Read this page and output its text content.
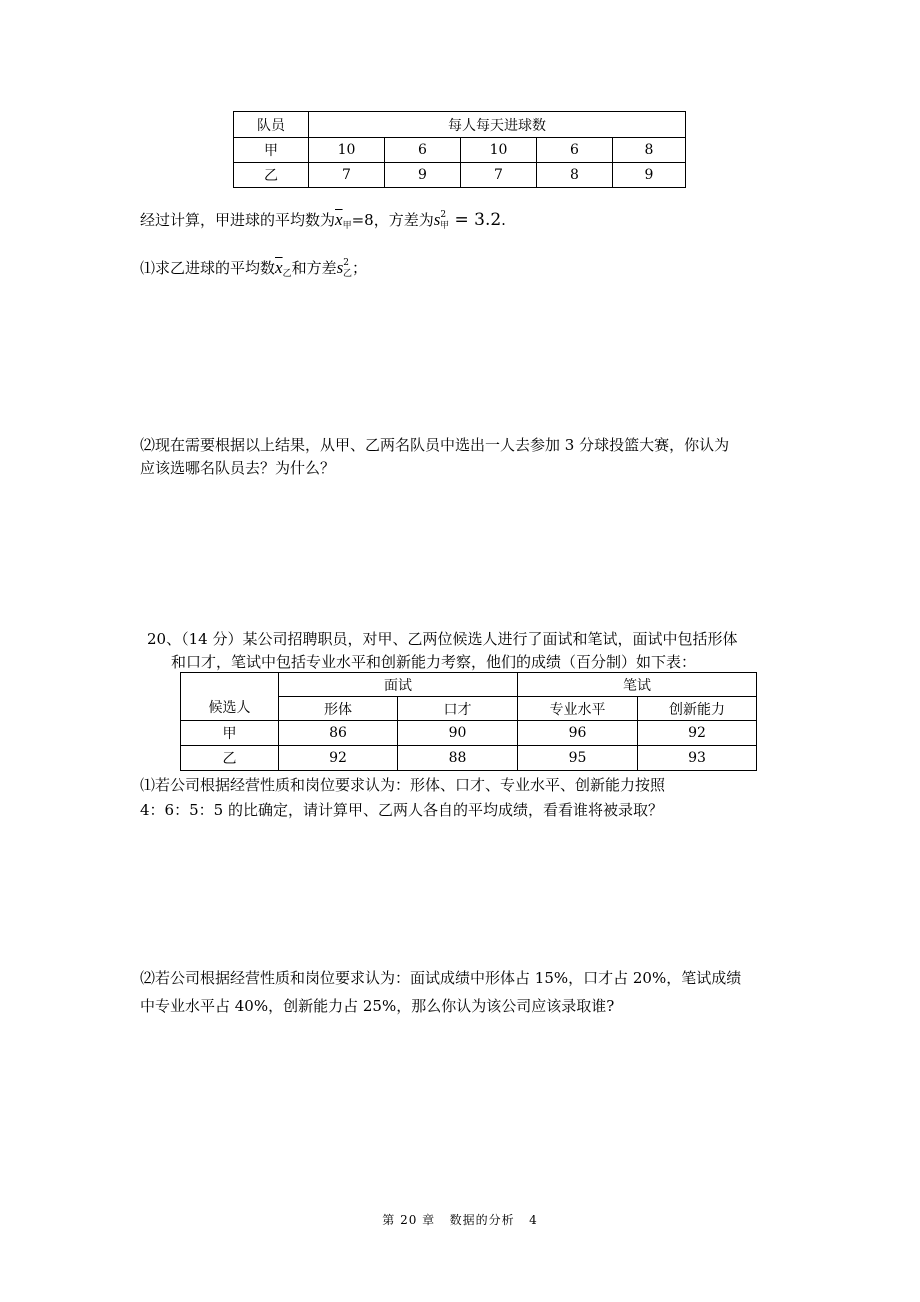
队员	每人每天进球数				
甲	10	6	10	6	8
乙	7	9	7	8	9
经过计算，甲进球的平均数为$\overline{x}_甲=8$，方差为$s^2_甲 = 3.2$.
⑴求乙进球的平均数$\overline{x}_乙$和方差$s^2_乙$；
⑵现在需要根据以上结果，从甲、乙两名队员中选出一人去参加 3 分球投篮大赛，你认为
应该选哪名队员去？为什么？
20、（14 分）某公司招聘职员，对甲、乙两位候选人进行了面试和笔试，面试中包括形体
和口才，笔试中包括专业水平和创新能力考察，他们的成绩（百分制）如下表：
候选人	面试		笔试	
	形体	口才	专业水平	创新能力
甲	86	90	96	92
乙	92	88	95	93
⑴若公司根据经营性质和岗位要求认为：形体、口才、专业水平、创新能力按照
4：6：5：5 的比确定，请计算甲、乙两人各自的平均成绩，看看谁将被录取？
⑵若公司根据经营性质和岗位要求认为：面试成绩中形体占 15%，口才占 20%，笔试成绩
中专业水平占 40%，创新能力占 25%，那么你认为该公司应该录取谁?
第 20 章   数据的分析   4
